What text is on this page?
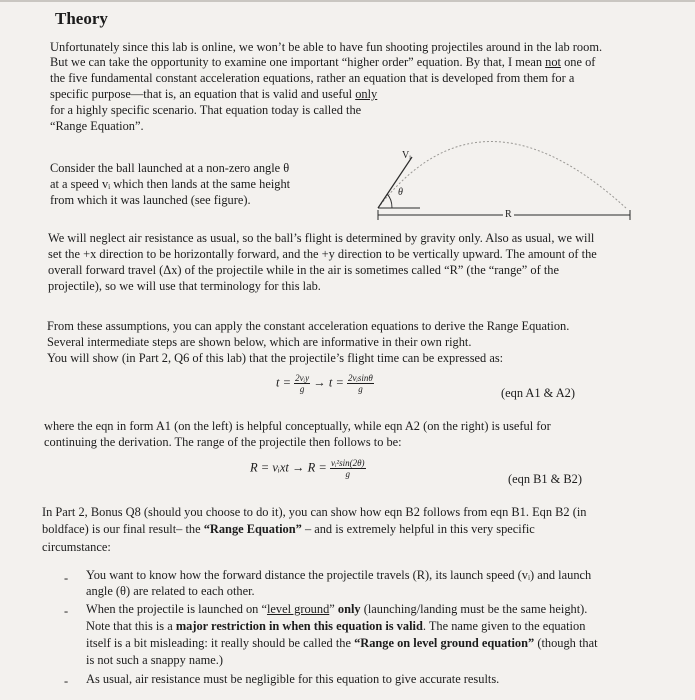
Theory
Unfortunately since this lab is online, we won’t be able to have fun shooting projectiles around in the lab room.
But we can take the opportunity to examine one important “higher order” equation. By that, I mean not one of
the five fundamental constant acceleration equations, rather an equation that is developed from them for a
specific purpose—that is, an equation that is valid and useful only
for a highly specific scenario. That equation today is called the
“Range Equation”.
Vᵢ
θ
R
Consider the ball launched at a non-zero angle θ
at a speed vᵢ which then lands at the same height
from which it was launched (see figure).
We will neglect air resistance as usual, so the ball’s flight is determined by gravity only. Also as usual, we will
set the +x direction to be horizontally forward, and the +y direction to be vertically upward. The amount of the
overall forward travel (Δx) of the projectile while in the air is sometimes called “R” (the “range” of the
projectile), so we will use that terminology for this lab.
From these assumptions, you can apply the constant acceleration equations to derive the Range Equation.
Several intermediate steps are shown below, which are informative in their own right.
You will show (in Part 2, Q6 of this lab) that the projectile’s flight time can be expressed as:
$t = \frac{\text{2vᵢy}}{g} \to t = \frac{\text{2vᵢsinθ}}{g}$	(eqn A1 & A2)
where the eqn in form A1 (on the left) is helpful conceptually, while eqn A2 (on the right) is useful for
continuing the derivation. The range of the projectile then follows to be:
R = vᵢxt → $R = \frac{\text{vᵢ²sin(2θ)}}{g}$	(eqn B1 & B2)
In Part 2, Bonus Q8 (should you choose to do it), you can show how eqn B2 follows from eqn B1. Eqn B2 (in
boldface) is our final result– the “Range Equation” – and is extremely helpful in this very specific
circumstance:
- You want to know how the forward distance the projectile travels (R), its launch speed (vᵢ) and launch
angle (θ) are related to each other.
- When the projectile is launched on “level ground” only (launching/landing must be the same height).
Note that this is a major restriction in when this equation is valid. The name given to the equation
itself is a bit misleading: it really should be called the “Range on level ground equation” (though that
is not such a snappy name.)
- As usual, air resistance must be negligible for this equation to give accurate results.
